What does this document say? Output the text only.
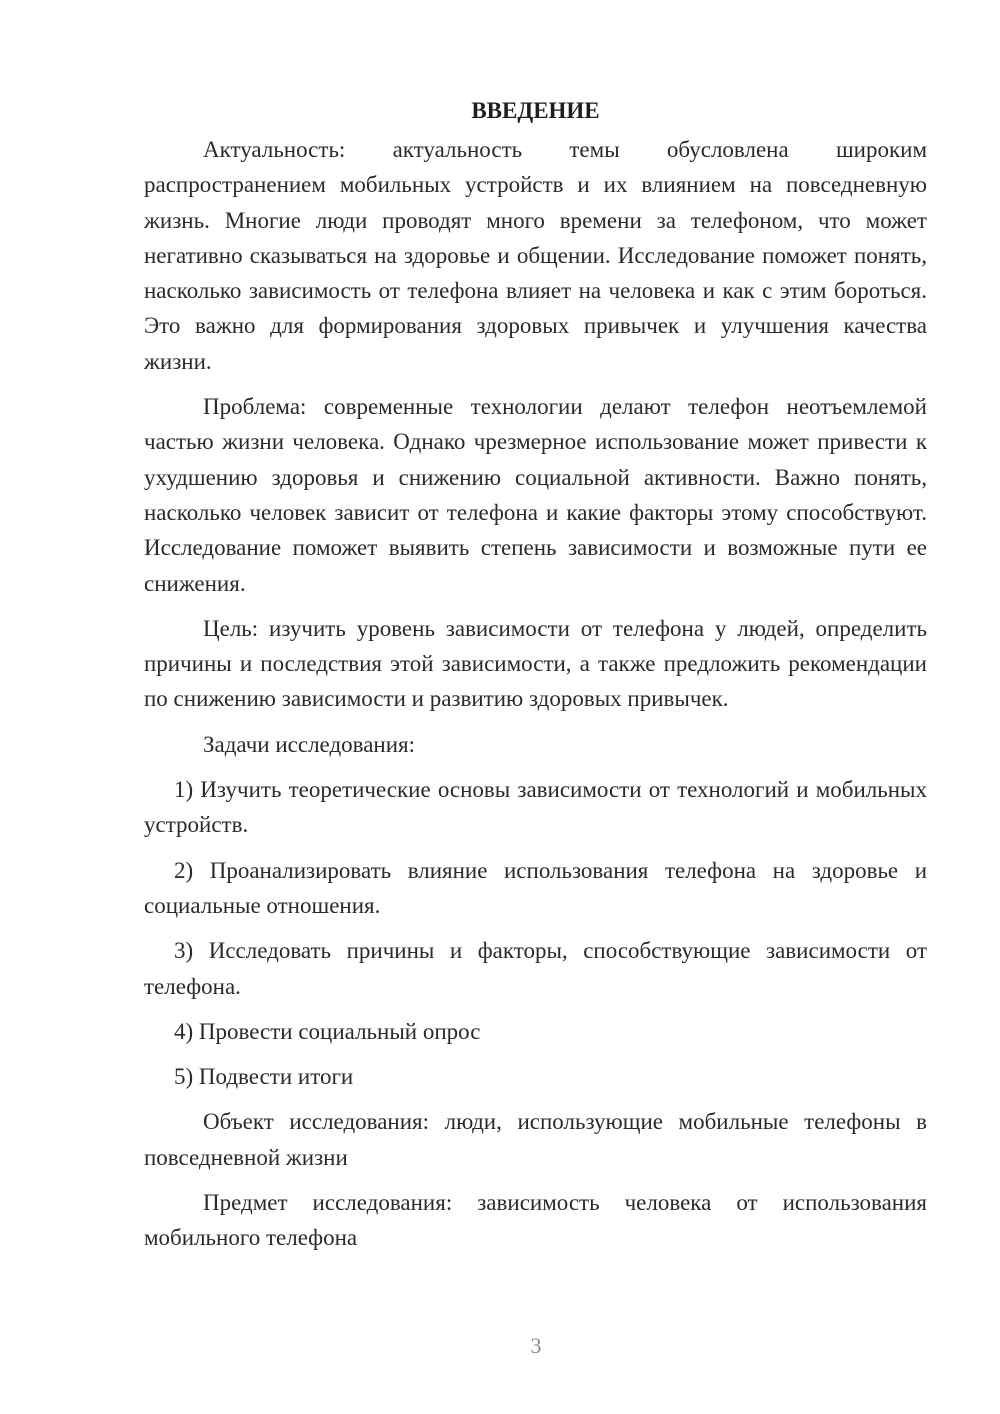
ВВЕДЕНИЕ

Актуальность: актуальность темы обусловлена широким распространением мобильных устройств и их влиянием на повседневную жизнь. Многие люди проводят много времени за телефоном, что может негативно сказываться на здоровье и общении. Исследование поможет понять, насколько зависимость от телефона влияет на человека и как с этим бороться. Это важно для формирования здоровых привычек и улучшения качества жизни.

Проблема: современные технологии делают телефон неотъемлемой частью жизни человека. Однако чрезмерное использование может привести к ухудшению здоровья и снижению социальной активности. Важно понять, насколько человек зависит от телефона и какие факторы этому способствуют. Исследование поможет выявить степень зависимости и возможные пути ее снижения.

Цель: изучить уровень зависимости от телефона у людей, определить причины и последствия этой зависимости, а также предложить рекомендации по снижению зависимости и развитию здоровых привычек.

Задачи исследования:

1) Изучить теоретические основы зависимости от технологий и мобильных устройств.

2) Проанализировать влияние использования телефона на здоровье и социальные отношения.

3) Исследовать причины и факторы, способствующие зависимости от телефона.

4) Провести социальный опрос

5) Подвести итоги

Объект исследования: люди, использующие мобильные телефоны в повседневной жизни

Предмет исследования: зависимость человека от использования мобильного телефона

3
